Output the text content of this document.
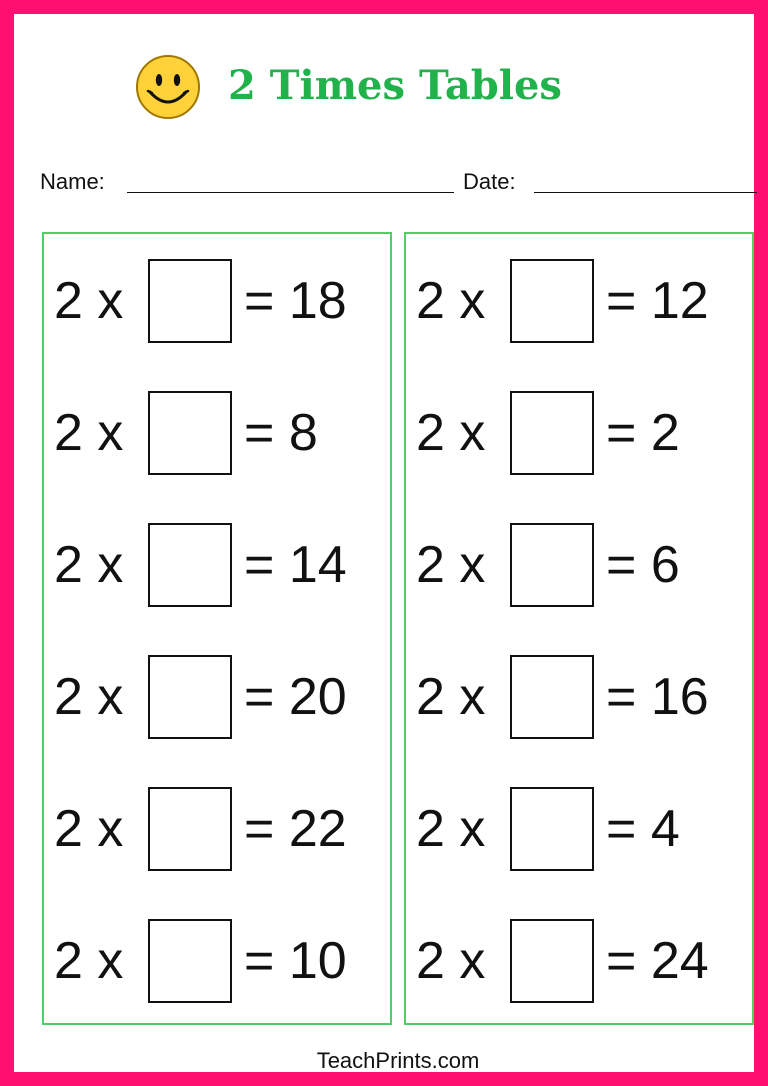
2 Times Tables
Name:	Date:
2 x = 18
2 x = 8
2 x = 14
2 x = 20
2 x = 22
2 x = 10
2 x = 12
2 x = 2
2 x = 6
2 x = 16
2 x = 4
2 x = 24
TeachPrints.com
